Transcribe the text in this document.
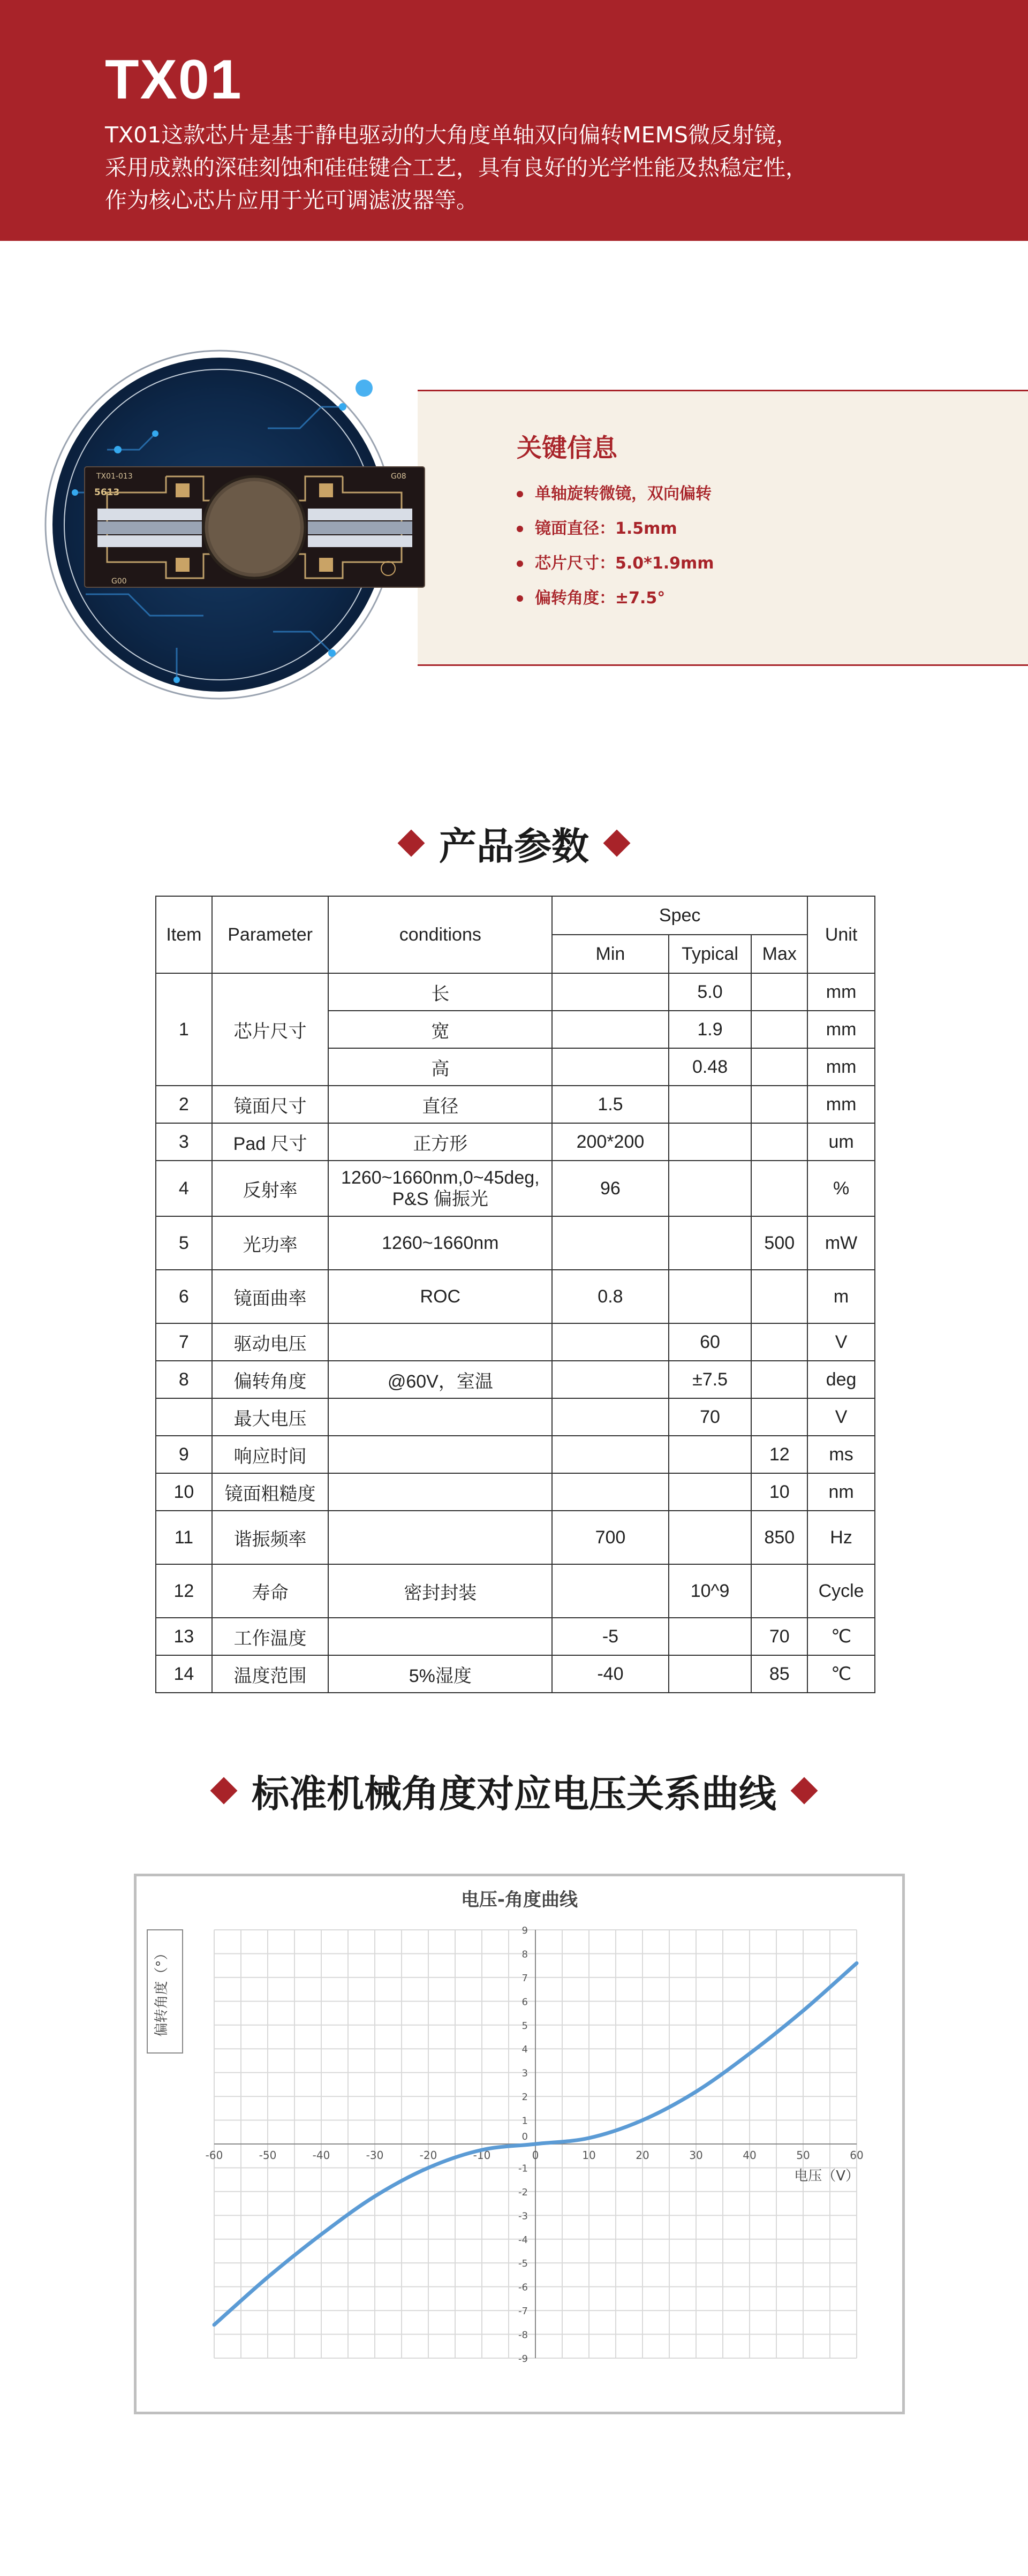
TX01
TX01这款芯片是基于静电驱动的大角度单轴双向偏转MEMS微反射镜，
采用成熟的深硅刻蚀和硅硅键合工艺，具有良好的光学性能及热稳定性，
作为核心芯片应用于光可调滤波器等。
TX01-013
5613
G08
G00
关键信息
单轴旋转微镜，双向偏转
镜面直径：1.5mm
芯片尺寸：5.0*1.9mm
偏转角度：±7.5°
产品参数
Item	Parameter	conditions	Spec			Unit
			Min	Typical	Max	
1	芯片尺寸	长		5.0		mm
		宽		1.9		mm
		高		0.48		mm
2	镜面尺寸	直径	1.5			mm
3	Pad 尺寸	正方形	200*200			um
4	反射率	1260~1660nm,0~45deg,
P&S 偏振光	96			%
5	光功率	1260~1660nm			500	mW
6	镜面曲率	ROC	0.8			m
7	驱动电压			60		V
8	偏转角度	@60V，室温		±7.5		deg
	最大电压			70		V
9	响应时间				12	ms
10	镜面粗糙度				10	nm
11	谐振频率		700		850	Hz
12	寿命	密封封装		10^9		Cycle
13	工作温度		-5		70	℃
14	温度范围	5%湿度	-40		85	℃
标准机械角度对应电压关系曲线
电压-角度曲线
-60	-50	-40	-30	-20	-10	0	10	20	30	40	50	60
9
8
7
6
5
4
3
2
1
-1
-2
-3
-4
-5
-6
-7
-8
-9
0
电压（V）
偏转角度（°）
